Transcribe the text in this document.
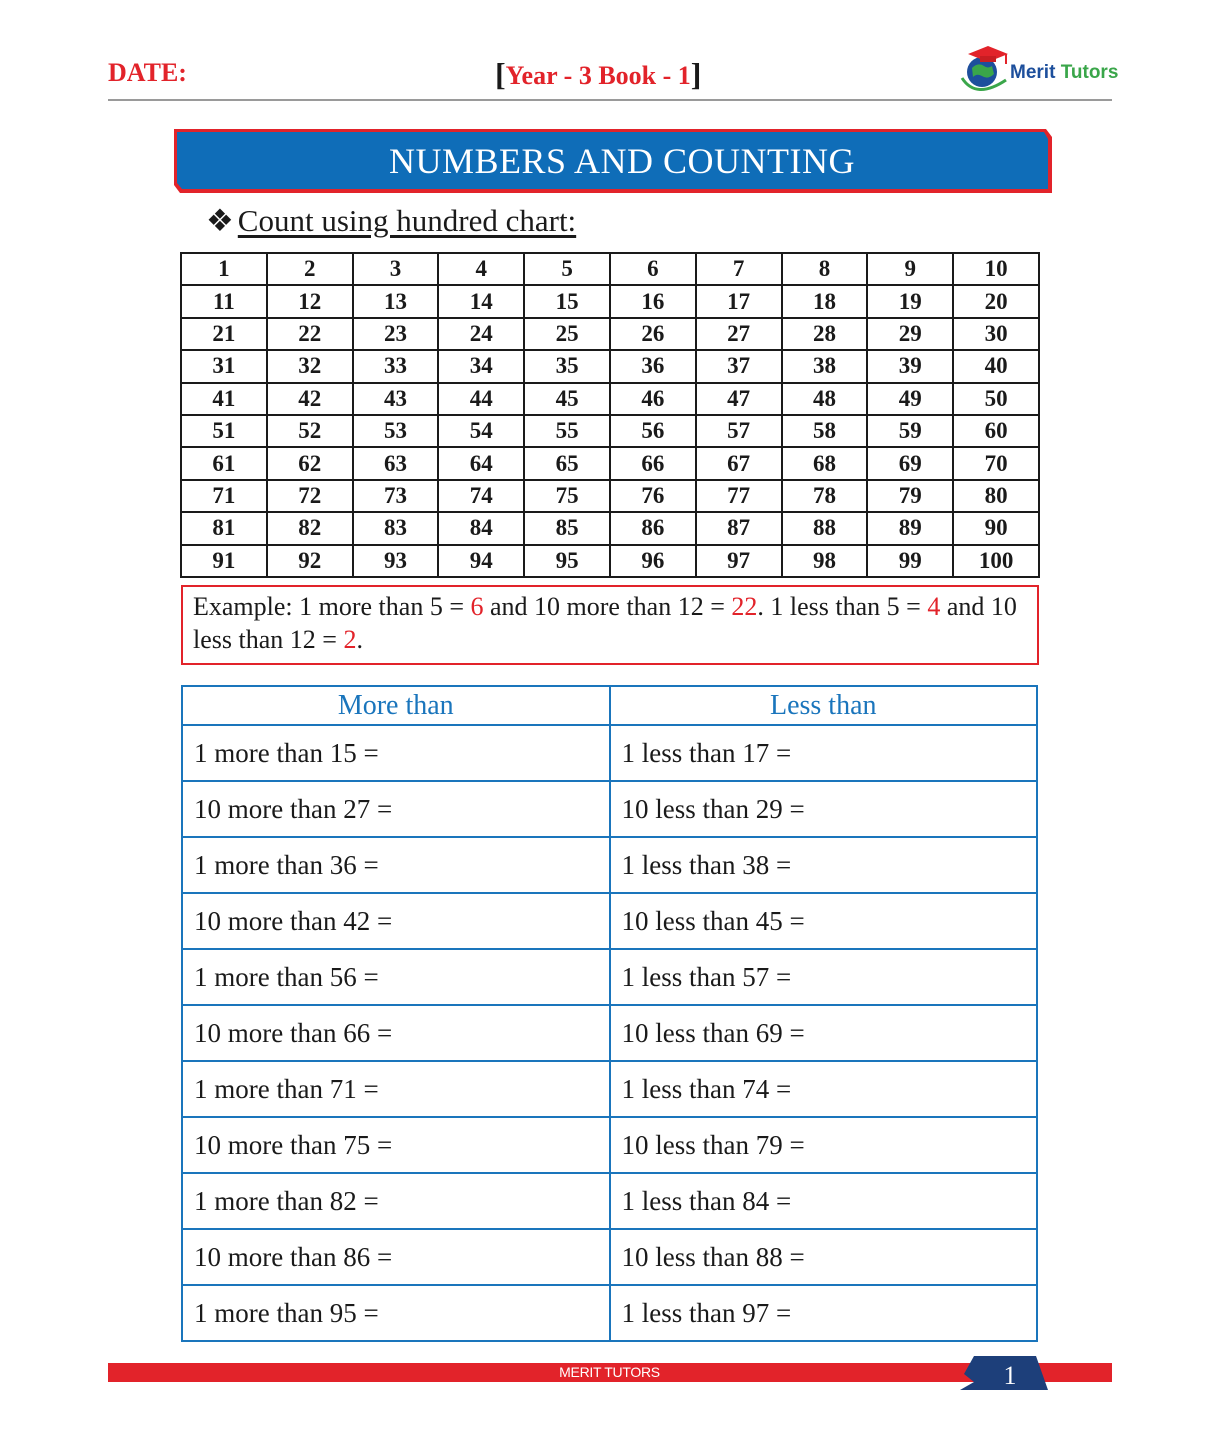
DATE:	[Year - 3 Book - 1]	Merit Tutors
NUMBERS AND COUNTING
❖ Count using hundred chart:
1	2	3	4	5	6	7	8	9	10
11	12	13	14	15	16	17	18	19	20
21	22	23	24	25	26	27	28	29	30
31	32	33	34	35	36	37	38	39	40
41	42	43	44	45	46	47	48	49	50
51	52	53	54	55	56	57	58	59	60
61	62	63	64	65	66	67	68	69	70
71	72	73	74	75	76	77	78	79	80
81	82	83	84	85	86	87	88	89	90
91	92	93	94	95	96	97	98	99	100
Example: 1 more than 5 = 6 and 10 more than 12 = 22. 1 less than 5 = 4 and 10 less than 12 = 2.
More than	Less than
1 more than 15 =	1 less than 17 =
10 more than 27 =	10 less than 29 =
1 more than 36 =	1 less than 38 =
10 more than 42 =	10 less than 45 =
1 more than 56 =	1 less than 57 =
10 more than 66 =	10 less than 69 =
1 more than 71 =	1 less than 74 =
10 more than 75 =	10 less than 79 =
1 more than 82 =	1 less than 84 =
10 more than 86 =	10 less than 88 =
1 more than 95 =	1 less than 97 =
MERIT TUTORS	1
